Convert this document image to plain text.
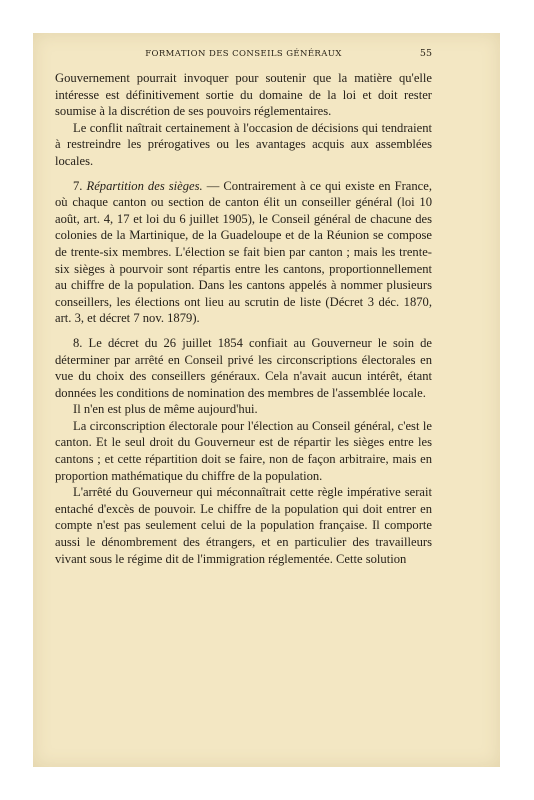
FORMATION DES CONSEILS GÉNÉRAUX	55

Gouvernement pourrait invoquer pour soutenir que la matière qu'elle intéresse est définitivement sortie du domaine de la loi et doit rester soumise à la discrétion de ses pouvoirs réglementaires.

Le conflit naîtrait certainement à l'occasion de décisions qui tendraient à restreindre les prérogatives ou les avantages acquis aux assemblées locales.

7. Répartition des sièges. — Contrairement à ce qui existe en France, où chaque canton ou section de canton élit un conseiller général (loi 10 août, art. 4, 17 et loi du 6 juillet 1905), le Conseil général de chacune des colonies de la Martinique, de la Guadeloupe et de la Réunion se compose de trente-six membres. L'élection se fait bien par canton ; mais les trente-six sièges à pourvoir sont répartis entre les cantons, proportionnellement au chiffre de la population. Dans les cantons appelés à nommer plusieurs conseillers, les élections ont lieu au scrutin de liste (Décret 3 déc. 1870, art. 3, et décret 7 nov. 1879).

8. Le décret du 26 juillet 1854 confiait au Gouverneur le soin de déterminer par arrêté en Conseil privé les circonscriptions électorales en vue du choix des conseillers généraux. Cela n'avait aucun intérêt, étant données les conditions de nomination des membres de l'assemblée locale.

Il n'en est plus de même aujourd'hui.

La circonscription électorale pour l'élection au Conseil général, c'est le canton. Et le seul droit du Gouverneur est de répartir les sièges entre les cantons ; et cette répartition doit se faire, non de façon arbitraire, mais en proportion mathématique du chiffre de la population.

L'arrêté du Gouverneur qui méconnaîtrait cette règle impérative serait entaché d'excès de pouvoir. Le chiffre de la population qui doit entrer en compte n'est pas seulement celui de la population française. Il comporte aussi le dénombrement des étrangers, et en particulier des travailleurs vivant sous le régime dit de l'immigration réglementée. Cette solution
